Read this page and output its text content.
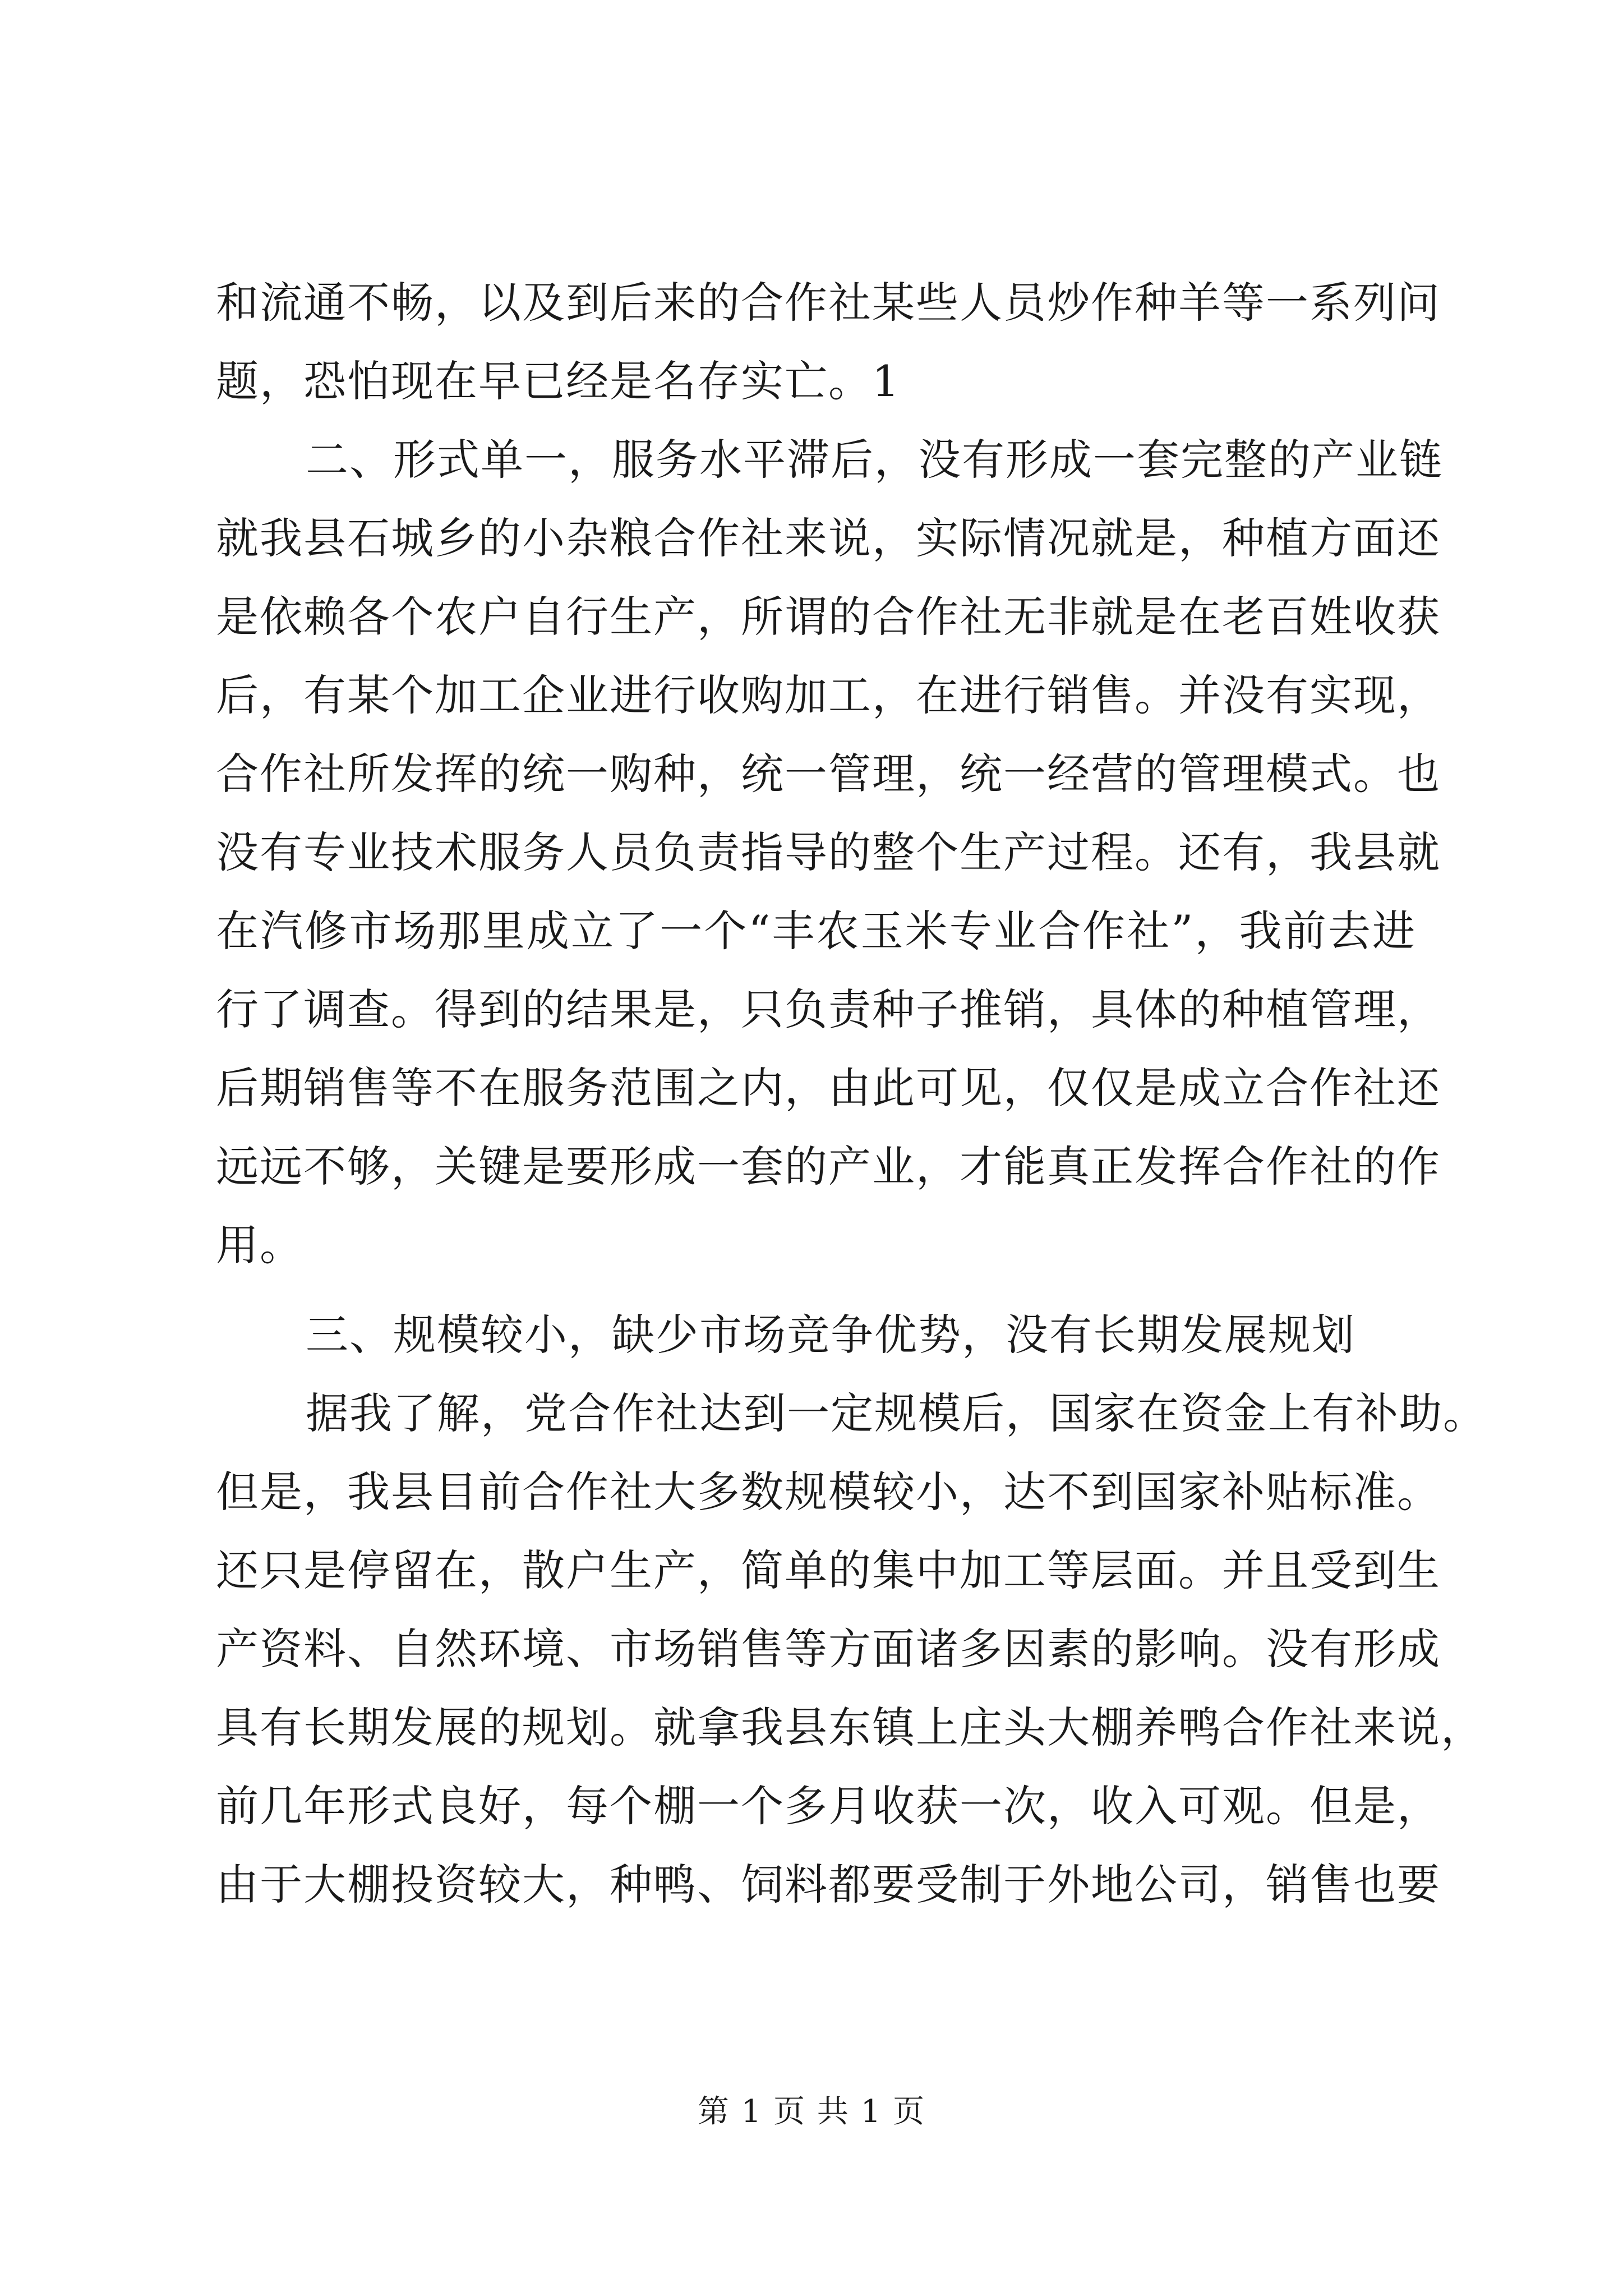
和流通不畅，以及到后来的合作社某些人员炒作种羊等一系列问
题，恐怕现在早已经是名存实亡。1
二、形式单一，服务水平滞后，没有形成一套完整的产业链
就我县石城乡的小杂粮合作社来说，实际情况就是，种植方面还
是依赖各个农户自行生产，所谓的合作社无非就是在老百姓收获
后，有某个加工企业进行收购加工，在进行销售。并没有实现，
合作社所发挥的统一购种，统一管理，统一经营的管理模式。也
没有专业技术服务人员负责指导的整个生产过程。还有，我县就
在汽修市场那里成立了一个“丰农玉米专业合作社”，我前去进
行了调查。得到的结果是，只负责种子推销，具体的种植管理，
后期销售等不在服务范围之内，由此可见，仅仅是成立合作社还
远远不够，关键是要形成一套的产业，才能真正发挥合作社的作
用。
三、规模较小，缺少市场竞争优势，没有长期发展规划
据我了解，党合作社达到一定规模后，国家在资金上有补助。
但是，我县目前合作社大多数规模较小，达不到国家补贴标准。
还只是停留在，散户生产，简单的集中加工等层面。并且受到生
产资料、自然环境、市场销售等方面诸多因素的影响。没有形成
具有长期发展的规划。就拿我县东镇上庄头大棚养鸭合作社来说，
前几年形式良好，每个棚一个多月收获一次，收入可观。但是，
由于大棚投资较大，种鸭、饲料都要受制于外地公司，销售也要
第 1 页 共 1 页
